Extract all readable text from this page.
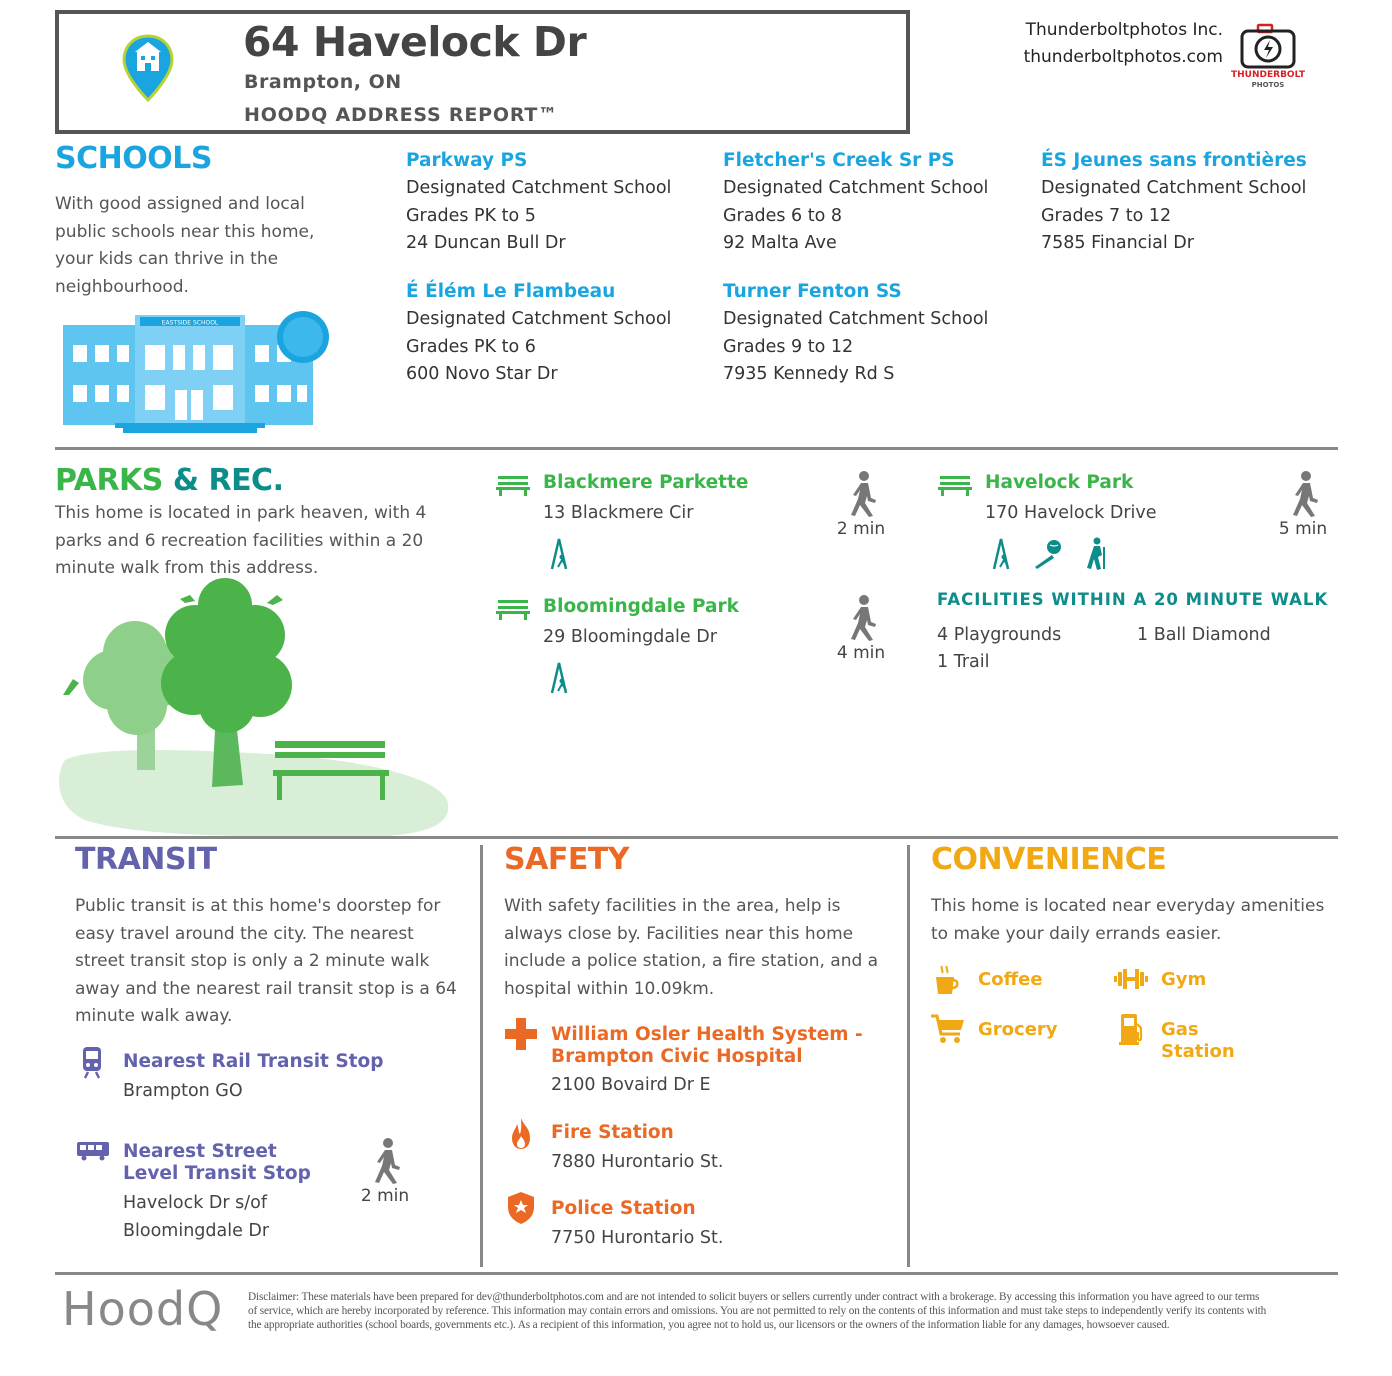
64 Havelock Dr
Brampton, ON
HOODQ ADDRESS REPORT™
Thunderboltphotos Inc.
thunderboltphotos.com
THUNDERBOLT
PHOTOS
SCHOOLS
With good assigned and local public schools near this home, your kids can thrive in the neighbourhood.
EASTSIDE SCHOOL
Parkway PS
Designated Catchment School
Grades PK to 5
24 Duncan Bull Dr
Fletcher's Creek Sr PS
Designated Catchment School
Grades 6 to 8
92 Malta Ave
ÉS Jeunes sans frontières
Designated Catchment School
Grades 7 to 12
7585 Financial Dr
É Élém Le Flambeau
Designated Catchment School
Grades PK to 6
600 Novo Star Dr
Turner Fenton SS
Designated Catchment School
Grades 9 to 12
7935 Kennedy Rd S
PARKS & REC.
This home is located in park heaven, with 4 parks and 6 recreation facilities within a 20 minute walk from this address.
Blackmere Parkette
13 Blackmere Cir
2 min
Bloomingdale Park
29 Bloomingdale Dr
4 min
Havelock Park
170 Havelock Drive
5 min
FACILITIES WITHIN A 20 MINUTE WALK
4 Playgrounds	1 Ball Diamond
1 Trail
TRANSIT
Public transit is at this home's doorstep for easy travel around the city. The nearest street transit stop is only a 2 minute walk away and the nearest rail transit stop is a 64 minute walk away.
Nearest Rail Transit Stop
Brampton GO
Nearest Street Level Transit Stop
Havelock Dr s/of Bloomingdale Dr
2 min
SAFETY
With safety facilities in the area, help is always close by. Facilities near this home include a police station, a fire station, and a hospital within 10.09km.
William Osler Health System - Brampton Civic Hospital
2100 Bovaird Dr E
Fire Station
7880 Hurontario St.
Police Station
7750 Hurontario St.
CONVENIENCE
This home is located near everyday amenities to make your daily errands easier.
Coffee	Gym
Grocery	Gas Station
HoodQ Disclaimer: These materials have been prepared for dev@thunderboltphotos.com and are not intended to solicit buyers or sellers currently under contract with a brokerage. By accessing this information you have agreed to our terms
of service, which are hereby incorporated by reference. This information may contain errors and omissions. You are not permitted to rely on the contents of this information and must take steps to independently verify its contents with
the appropriate authorities (school boards, governments etc.). As a recipient of this information, you agree not to hold us, our licensors or the owners of the information liable for any damages, howsoever caused.
